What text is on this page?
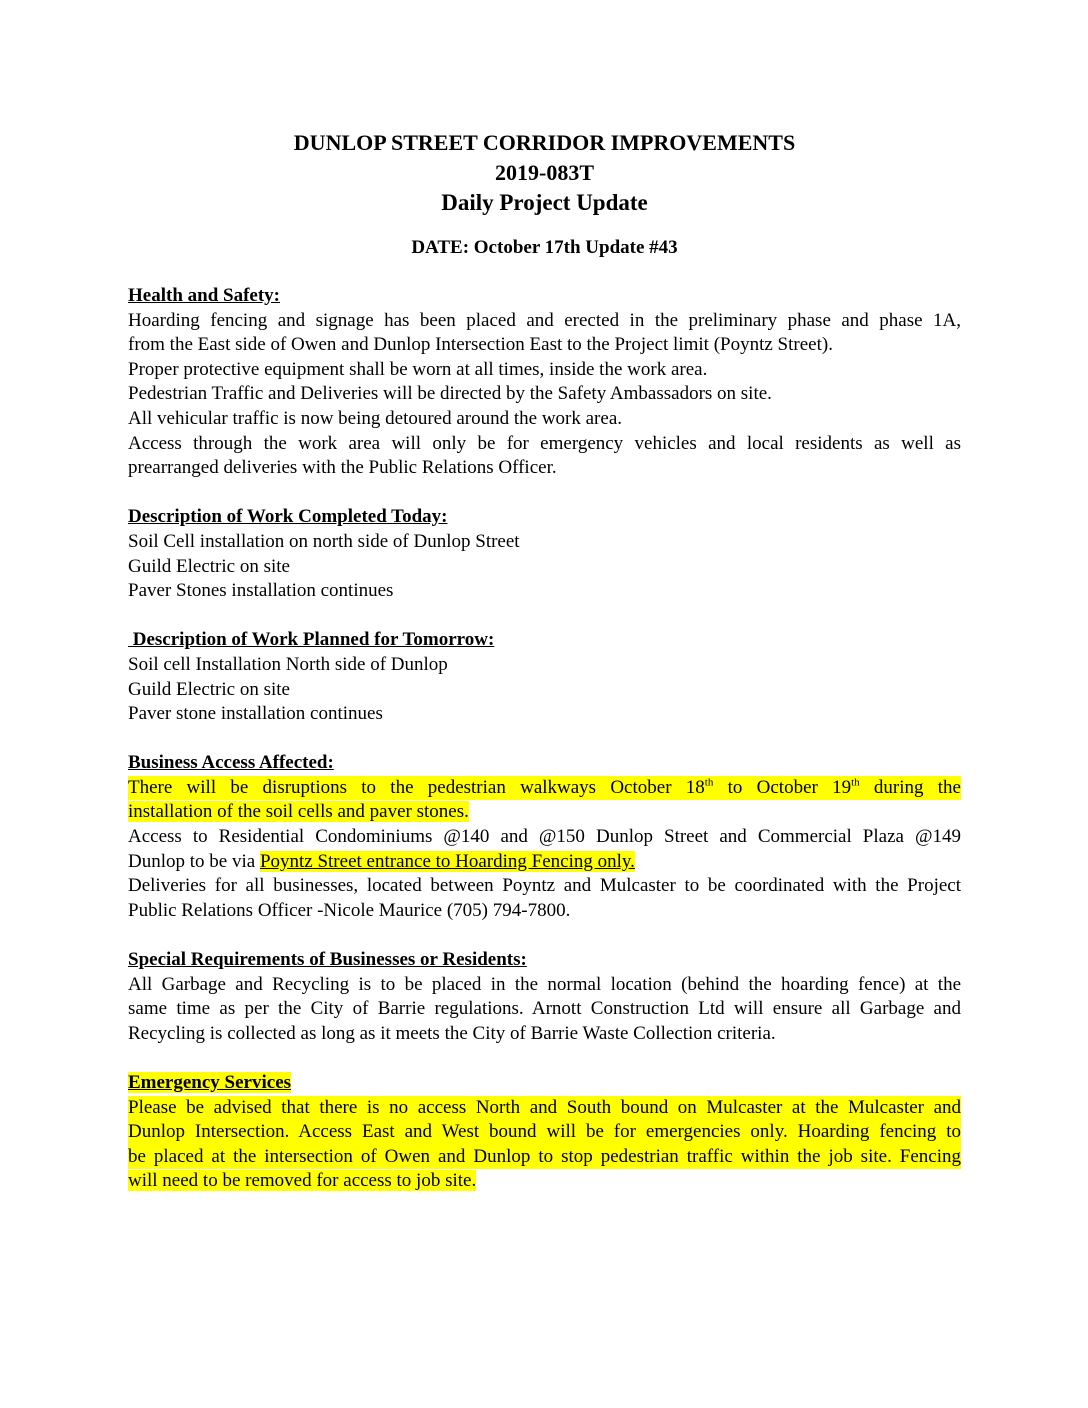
DUNLOP STREET CORRIDOR IMPROVEMENTS
2019-083T
Daily Project Update
DATE: October 17th Update #43
Health and Safety:
Hoarding fencing and signage has been placed and erected in the preliminary phase and phase 1A,
from the East side of Owen and Dunlop Intersection East to the Project limit (Poyntz Street).
Proper protective equipment shall be worn at all times, inside the work area.
Pedestrian Traffic and Deliveries will be directed by the Safety Ambassadors on site.
All vehicular traffic is now being detoured around the work area.
Access through the work area will only be for emergency vehicles and local residents as well as
prearranged deliveries with the Public Relations Officer.
Description of Work Completed Today:
Soil Cell installation on north side of Dunlop Street
Guild Electric on site
Paver Stones installation continues
Description of Work Planned for Tomorrow:
Soil cell Installation North side of Dunlop
Guild Electric on site
Paver stone installation continues
Business Access Affected:
There will be disruptions to the pedestrian walkways October 18th to October 19th during the
installation of the soil cells and paver stones.
Access to Residential Condominiums @140 and @150 Dunlop Street and Commercial Plaza @149
Dunlop to be via Poyntz Street entrance to Hoarding Fencing only.
Deliveries for all businesses, located between Poyntz and Mulcaster to be coordinated with the Project
Public Relations Officer -Nicole Maurice (705) 794-7800.
Special Requirements of Businesses or Residents:
All Garbage and Recycling is to be placed in the normal location (behind the hoarding fence) at the
same time as per the City of Barrie regulations. Arnott Construction Ltd will ensure all Garbage and
Recycling is collected as long as it meets the City of Barrie Waste Collection criteria.
Emergency Services
Please be advised that there is no access North and South bound on Mulcaster at the Mulcaster and
Dunlop Intersection. Access East and West bound will be for emergencies only. Hoarding fencing to
be placed at the intersection of Owen and Dunlop to stop pedestrian traffic within the job site. Fencing
will need to be removed for access to job site.
